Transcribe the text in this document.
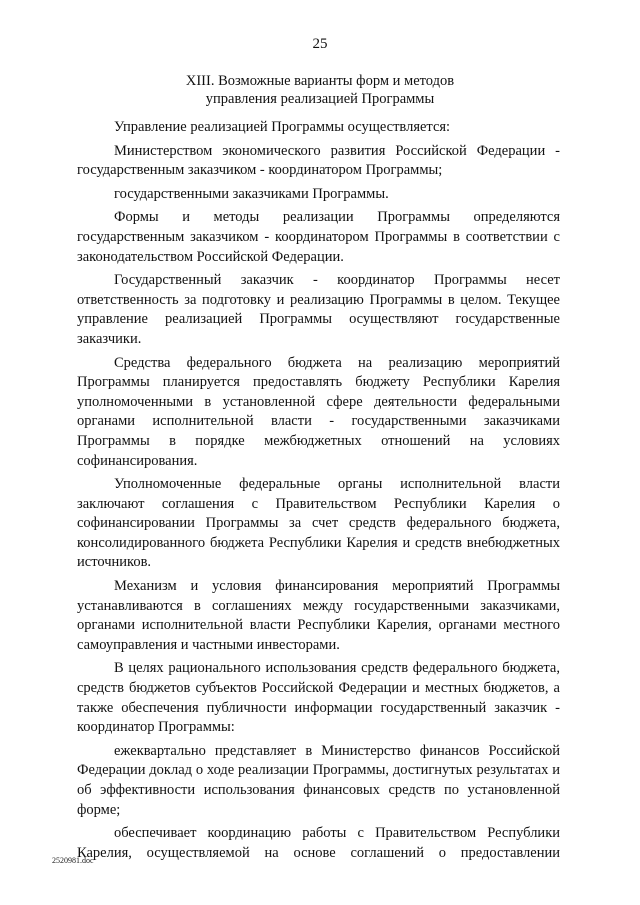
25
XIII. Возможные варианты форм и методов
управления реализацией Программы

Управление реализацией Программы осуществляется:

Министерством экономического развития Российской Федерации - государственным заказчиком - координатором Программы;

государственными заказчиками Программы.

Формы и методы реализации Программы определяются государственным заказчиком - координатором Программы в соответствии с законодательством Российской Федерации.

Государственный заказчик - координатор Программы несет ответственность за подготовку и реализацию Программы в целом. Текущее управление реализацией Программы осуществляют государственные заказчики.

Средства федерального бюджета на реализацию мероприятий Программы планируется предоставлять бюджету Республики Карелия уполномоченными в установленной сфере деятельности федеральными органами исполнительной власти - государственными заказчиками Программы в порядке межбюджетных отношений на условиях софинансирования.

Уполномоченные федеральные органы исполнительной власти заключают соглашения с Правительством Республики Карелия о софинансировании Программы за счет средств федерального бюджета, консолидированного бюджета Республики Карелия и средств внебюджетных источников.

Механизм и условия финансирования мероприятий Программы устанавливаются в соглашениях между государственными заказчиками, органами исполнительной власти Республики Карелия, органами местного самоуправления и частными инвесторами.

В целях рационального использования средств федерального бюджета, средств бюджетов субъектов Российской Федерации и местных бюджетов, а также обеспечения публичности информации государственный заказчик - координатор Программы:

ежеквартально представляет в Министерство финансов Российской Федерации доклад о ходе реализации Программы, достигнутых результатах и об эффективности использования финансовых средств по установленной форме;

обеспечивает координацию работы с Правительством Республики Карелия, осуществляемой на основе соглашений о предоставлении

2520981.doc
